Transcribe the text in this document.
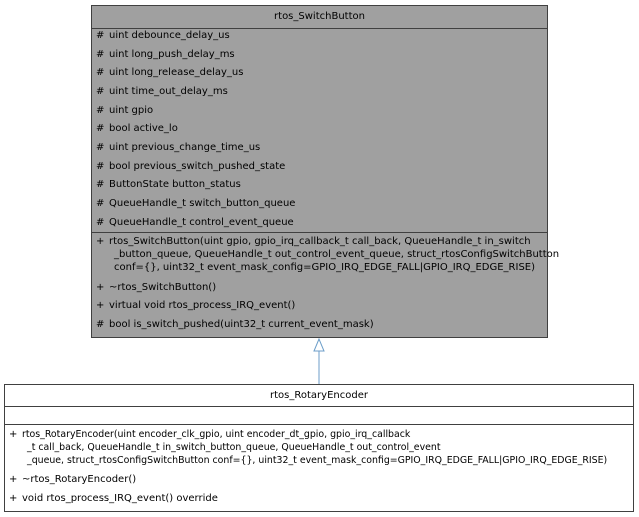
rtos_SwitchButton
# uint debounce_delay_us
# uint long_push_delay_ms
# uint long_release_delay_us
# uint time_out_delay_ms
# uint gpio
# bool active_lo
# uint previous_change_time_us
# bool previous_switch_pushed_state
# ButtonState button_status
# QueueHandle_t switch_button_queue
# QueueHandle_t control_event_queue
+ rtos_SwitchButton(uint gpio, gpio_irq_callback_t call_back, QueueHandle_t in_switch
_button_queue, QueueHandle_t out_control_event_queue, struct_rtosConfigSwitchButton
conf={}, uint32_t event_mask_config=GPIO_IRQ_EDGE_FALL|GPIO_IRQ_EDGE_RISE)
+ ~rtos_SwitchButton()
+ virtual void rtos_process_IRQ_event()
# bool is_switch_pushed(uint32_t current_event_mask)
rtos_RotaryEncoder
+ rtos_RotaryEncoder(uint encoder_clk_gpio, uint encoder_dt_gpio, gpio_irq_callback
_t call_back, QueueHandle_t in_switch_button_queue, QueueHandle_t out_control_event
_queue, struct_rtosConfigSwitchButton conf={}, uint32_t event_mask_config=GPIO_IRQ_EDGE_FALL|GPIO_IRQ_EDGE_RISE)
+ ~rtos_RotaryEncoder()
+ void rtos_process_IRQ_event() override
